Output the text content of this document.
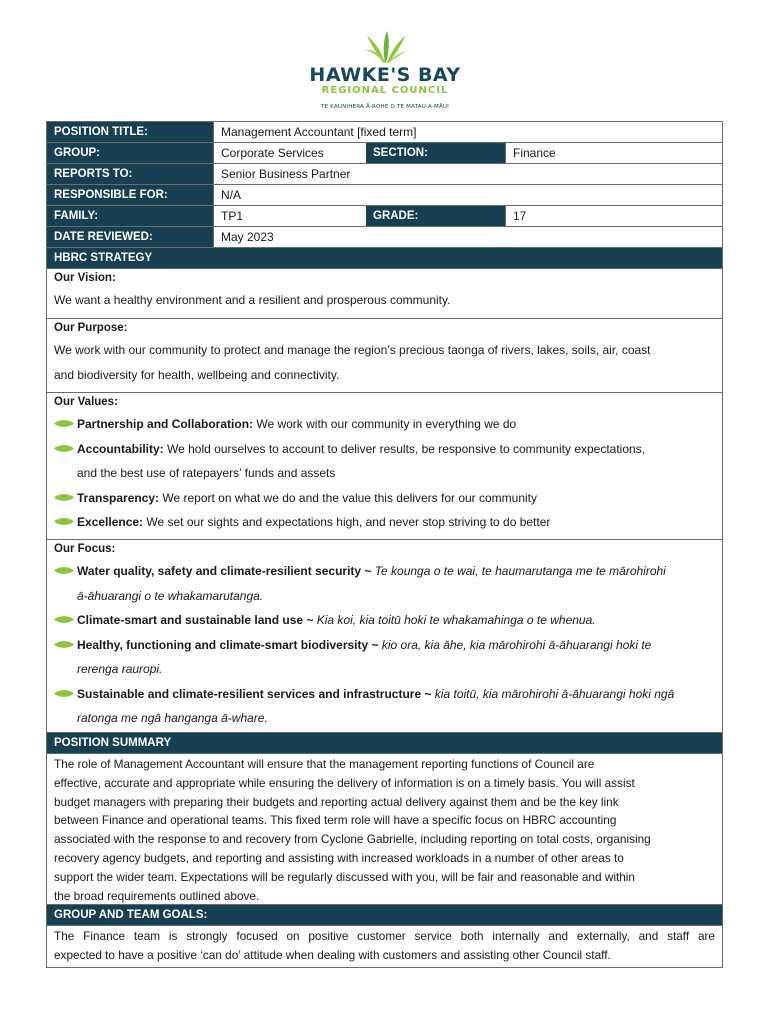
HAWKE'S BAY
REGIONAL COUNCIL
TE KAUNIHERA Ā-ROHE O TE MATAU-A-MĀUI
POSITION TITLE:	Management Accountant [fixed term]
GROUP:	Corporate Services	SECTION:	Finance
REPORTS TO:	Senior Business Partner
RESPONSIBLE FOR:	N/A
FAMILY:	TP1	GRADE:	17
DATE REVIEWED:	May 2023
HBRC STRATEGY
Our Vision:

We want a healthy environment and a resilient and prosperous community.

Our Purpose:

We work with our community to protect and manage the region’s precious taonga of rivers, lakes, soils, air, coast

and biodiversity for health, wellbeing and connectivity.

Our Values:
Partnership and Collaboration: We work with our community in everything we do
Accountability: We hold ourselves to account to deliver results, be responsive to community expectations,
and the best use of ratepayers’ funds and assets
Transparency: We report on what we do and the value this delivers for our community
Excellence: We set our sights and expectations high, and never stop striving to do better
Our Focus:
Water quality, safety and climate-resilient security ~ Te kounga o te wai, te haumarutanga me te mārohirohi
ā-āhuarangi o te whakamarutanga.
Climate-smart and sustainable land use ~ Kia koi, kia toitū hoki te whakamahinga o te whenua.
Healthy, functioning and climate-smart biodiversity ~ kio ora, kia āhe, kia mārohirohi ā-āhuarangi hoki te
rerenga rauropi.
Sustainable and climate-resilient services and infrastructure ~ kia toitū, kia mārohirohi ā-āhuarangi hoki ngā
ratonga me ngā hanganga ā-whare.
POSITION SUMMARY
The role of Management Accountant will ensure that the management reporting functions of Council are
effective, accurate and appropriate while ensuring the delivery of information is on a timely basis. You will assist
budget managers with preparing their budgets and reporting actual delivery against them and be the key link
between Finance and operational teams. This fixed term role will have a specific focus on HBRC accounting
associated with the response to and recovery from Cyclone Gabrielle, including reporting on total costs, organising
recovery agency budgets, and reporting and assisting with increased workloads in a number of other areas to
support the wider team. Expectations will be regularly discussed with you, will be fair and reasonable and within
the broad requirements outlined above.
GROUP AND TEAM GOALS:
The Finance team is strongly focused on positive customer service both internally and externally, and staff are
expected to have a positive ‘can do’ attitude when dealing with customers and assisting other Council staff.
